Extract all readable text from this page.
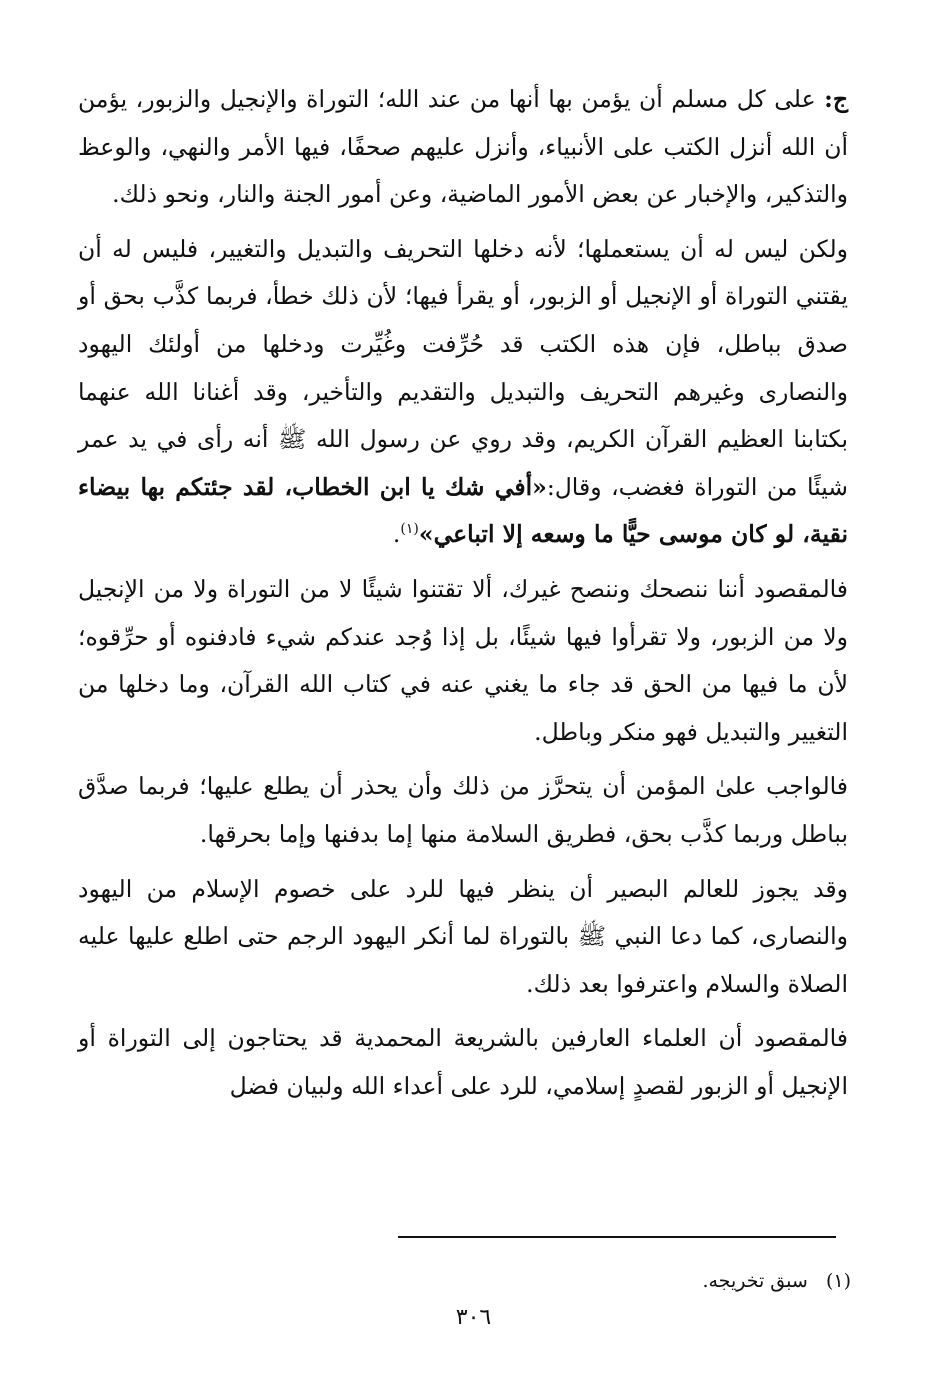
ج: على كل مسلم أن يؤمن بها أنها من عند الله؛ التوراة والإنجيل والزبور، يؤمن أن الله أنزل الكتب على الأنبياء، وأنزل عليهم صحفًا، فيها الأمر والنهي، والوعظ والتذكير، والإخبار عن بعض الأمور الماضية، وعن أمور الجنة والنار، ونحو ذلك.

ولكن ليس له أن يستعملها؛ لأنه دخلها التحريف والتبديل والتغيير، فليس له أن يقتني التوراة أو الإنجيل أو الزبور، أو يقرأ فيها؛ لأن ذلك خطأ، فربما كذَّب بحق أو صدق بباطل، فإن هذه الكتب قد حُرِّفت وغُيِّرت ودخلها من أولئك اليهود والنصارى وغيرهم التحريف والتبديل والتقديم والتأخير، وقد أغنانا الله عنهما بكتابنا العظيم القرآن الكريم، وقد روي عن رسول الله ﷺ أنه رأى في يد عمر شيئًا من التوراة فغضب، وقال:«أفي شك يا ابن الخطاب، لقد جئتكم بها بيضاء نقية، لو كان موسى حيًّا ما وسعه إلا اتباعي»$^{(١)}$.

فالمقصود أننا ننصحك وننصح غيرك، ألا تقتنوا شيئًا لا من التوراة ولا من الإنجيل ولا من الزبور، ولا تقرأوا فيها شيئًا، بل إذا وُجد عندكم شيء فادفنوه أو حرِّقوه؛ لأن ما فيها من الحق قد جاء ما يغني عنه في كتاب الله القرآن، وما دخلها من التغيير والتبديل فهو منكر وباطل.

فالواجب علىٰ المؤمن أن يتحرَّز من ذلك وأن يحذر أن يطلع عليها؛ فربما صدَّق بباطل وربما كذَّب بحق، فطريق السلامة منها إما بدفنها وإما بحرقها.

وقد يجوز للعالم البصير أن ينظر فيها للرد على خصوم الإسلام من اليهود والنصارى، كما دعا النبي ﷺ بالتوراة لما أنكر اليهود الرجم حتى اطلع عليها عليه الصلاة والسلام واعترفوا بعد ذلك.

فالمقصود أن العلماء العارفين بالشريعة المحمدية قد يحتاجون إلى التوراة أو الإنجيل أو الزبور لقصدٍ إسلامي، للرد على أعداء الله ولبيان فضل

(١)   سبق تخريجه.
٣٠٦
